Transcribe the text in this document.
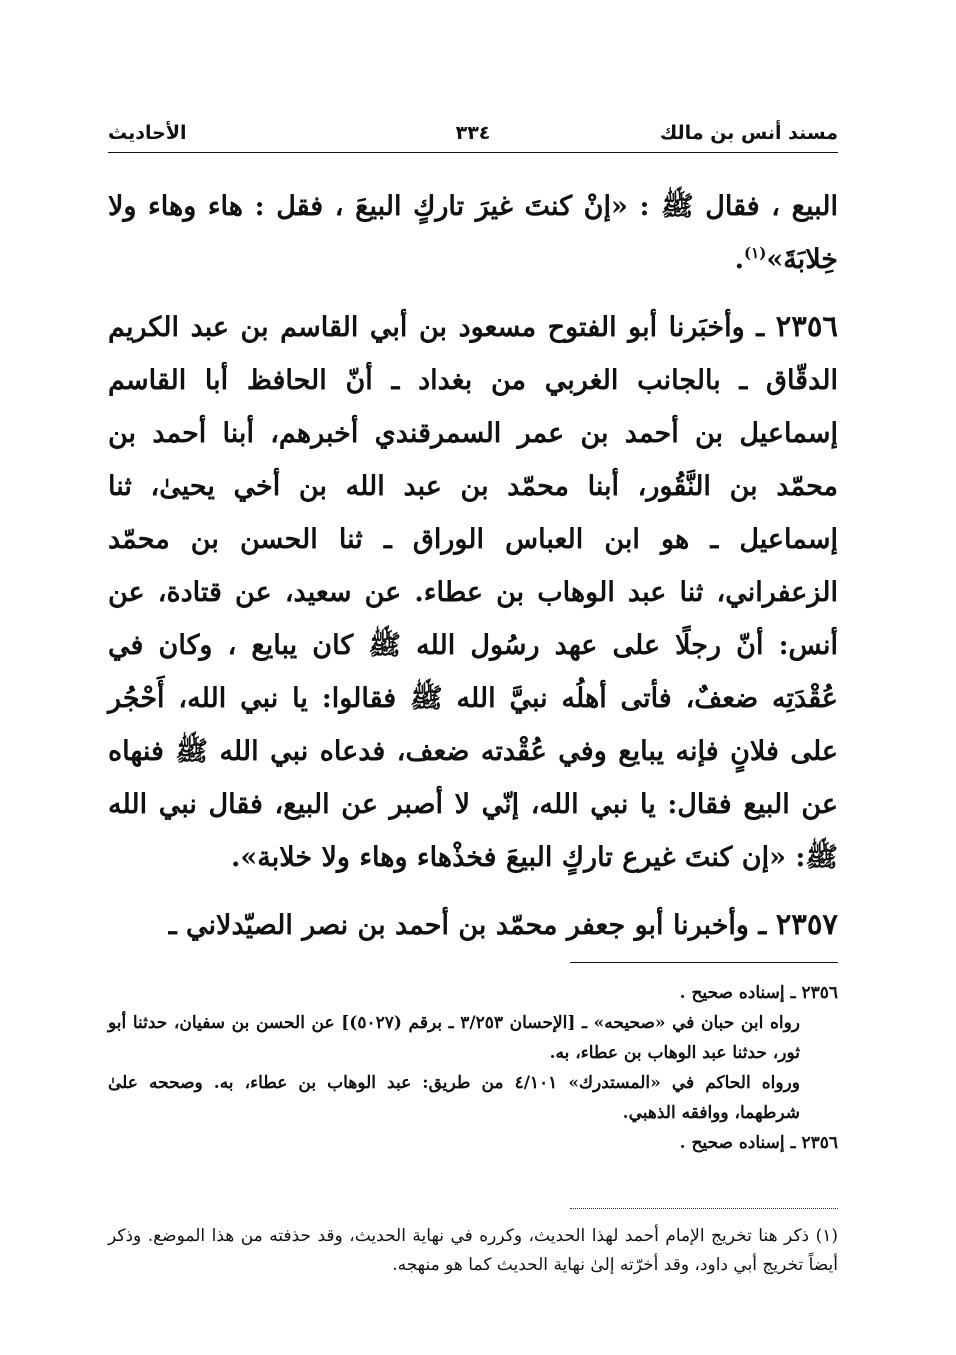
مسند أنس بن مالك
٣٣٤
الأحاديث

البيع ، فقال ﷺ : «إنْ كنتَ غيرَ تاركٍ البيعَ ، فقل : هاء وهاء ولا خِلابَةَ»$^{(١)}$.

٢٣٥٦ ـ وأخبَرنا أبو الفتوح مسعود بن أبي القاسم بن عبد الكريم الدقّاق ـ بالجانب الغربي من بغداد ـ أنّ الحافظ أبا القاسم إسماعيل بن أحمد بن عمر السمرقندي أخبرهم، أبنا أحمد بن محمّد بن النَّقُور، أبنا محمّد بن عبد الله بن أخي يحيىٰ، ثنا إسماعيل ـ هو ابن العباس الوراق ـ ثنا الحسن بن محمّد الزعفراني، ثنا عبد الوهاب بن عطاء. عن سعيد، عن قتادة، عن أنس: أنّ رجلًا على عهد رسُول الله ﷺ كان يبايع ، وكان في عُقْدَتِه ضعفٌ، فأتى أهلُه نبيَّ الله ﷺ فقالوا: يا نبي الله، أَحْجُر على فلانٍ فإنه يبايع وفي عُقْدته ضعف، فدعاه نبي الله ﷺ فنهاه عن البيع فقال: يا نبي الله، إنّي لا أصبر عن البيع، فقال نبي الله ﷺ: «إن كنتَ غيرع تاركٍ البيعَ فخذْهاء وهاء ولا خلابة».

٢٣٥٧ ـ وأخبرنا أبو جعفر محمّد بن أحمد بن نصر الصيّدلاني ـ

٢٣٥٦ ـ إسناده صحيح .

رواه ابن حبان في «صحيحه» ـ [الإحسان ٣/٢٥٣ ـ برقم (٥٠٢٧)] عن الحسن بن سفيان، حدثنا أبو ثور، حدثنا عبد الوهاب بن عطاء، به.

ورواه الحاكم في «المستدرك» ٤/١٠١ من طريق: عبد الوهاب بن عطاء، به. وصححه علىٰ شرطهما، ووافقه الذهبي.

٢٣٥٦ ـ إسناده صحيح .

(١) ذكر هنا تخريج الإمام أحمد لهذا الحديث، وكرره في نهاية الحديث، وقد حذفته من هذا الموضع. وذكر أيضاً تخريج أبي داود، وقد أخرّته إلىٰ نهاية الحديث كما هو منهجه.
